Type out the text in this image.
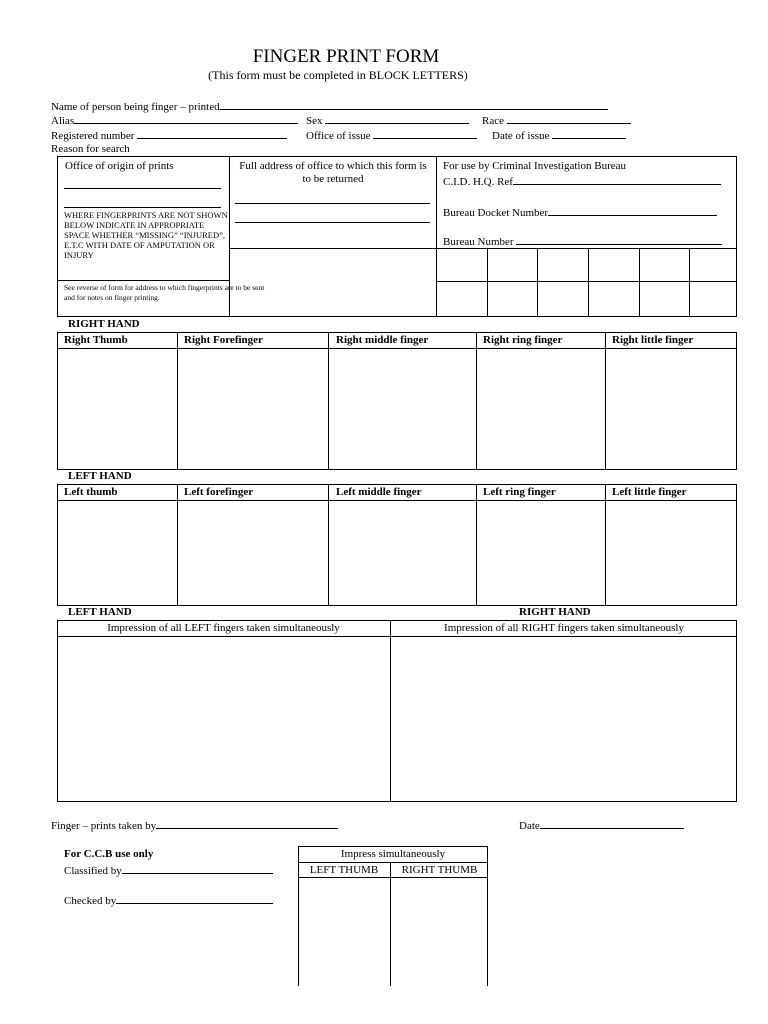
FINGER PRINT FORM
(This form must be completed in BLOCK LETTERS)
Name of person being finger – printed
Alias	Sex	Race
Registered number	Office of issue	Date of issue
Reason for search
Office of origin of prints
WHERE FINGERPRINTS ARE NOT SHOWN BELOW INDICATE IN APPROPRIATE SPACE WHETHER “MISSING” “INJURED”, E.T.C WITH DATE OF AMPUTATION OR INJURY
See reverse of form for address to which fingerprints are to be sent and for notes on finger printing.
Full address of office to which this form is to be returned
For use by Criminal Investigation Bureau
C.I.D. H.Q. Ref
Bureau Docket Number
Bureau Number
RIGHT HAND
Right Thumb	Right Forefinger	Right middle finger	Right ring finger	Right little finger
LEFT HAND
Left thumb	Left forefinger	Left middle finger	Left ring finger	Left little finger
LEFT HAND	RIGHT HAND
Impression of all LEFT fingers taken simultaneously	Impression of all RIGHT fingers taken simultaneously
Finger – prints taken by	Date
For C.C.B use only
Classified by
Checked by
Impress simultaneously
LEFT THUMB	RIGHT THUMB
